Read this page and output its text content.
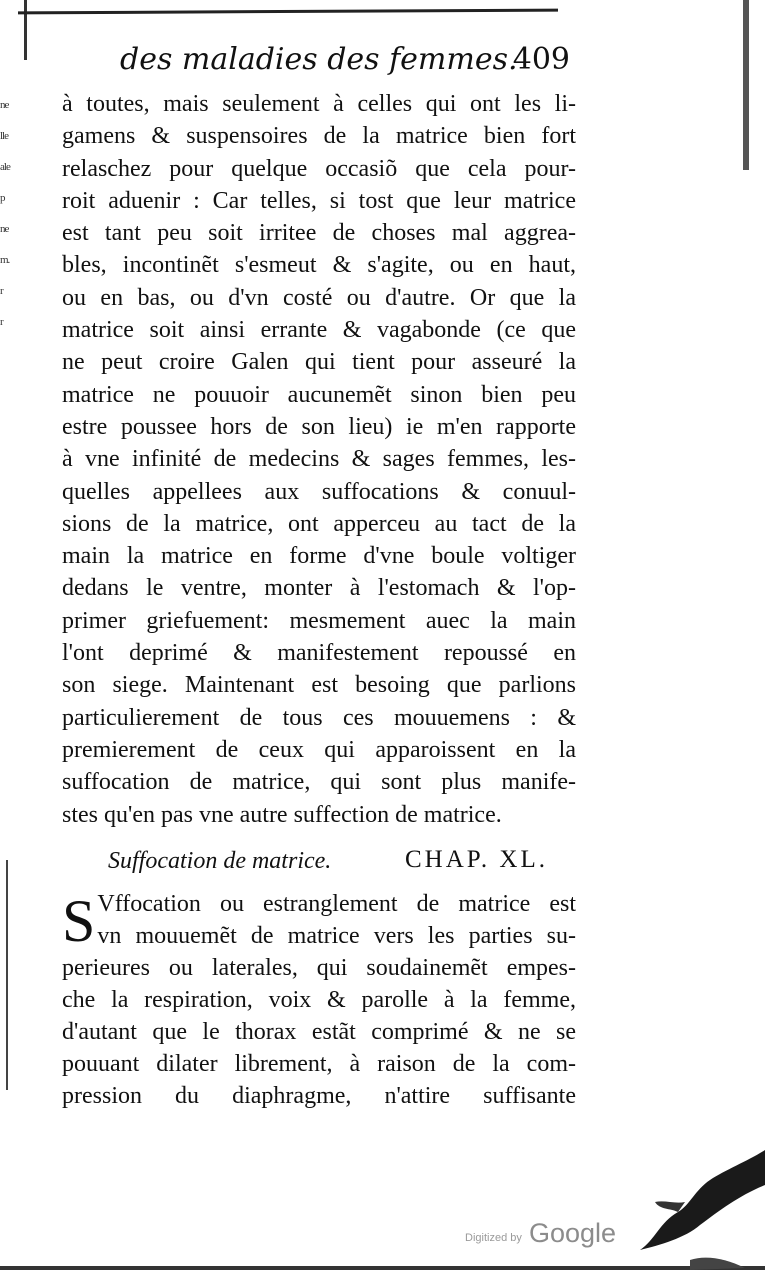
ne
lle
ale
p
ne
m.
r
r
des maladies des femmes.
409
à toutes, mais seulement à celles qui ont les li-
gamens & suspensoires de la matrice bien fort
relaschez pour quelque occasiõ que cela pour-
roit aduenir : Car telles, si tost que leur matrice
est tant peu soit irritee de choses mal aggrea-
bles, incontinẽt s'esmeut & s'agite, ou en haut,
ou en bas, ou d'vn costé ou d'autre. Or que la
matrice soit ainsi errante & vagabonde (ce que
ne peut croire Galen qui tient pour asseuré la
matrice ne pouuoir aucunemẽt sinon bien peu
estre poussee hors de son lieu) ie m'en rapporte
à vne infinité de medecins & sages femmes, les-
quelles appellees aux suffocations & conuul-
sions de la matrice, ont apperceu au tact de la
main la matrice en forme d'vne boule voltiger
dedans le ventre, monter à l'estomach & l'op-
primer griefuement: mesmement auec la main
l'ont deprimé & manifestement repoussé en
son siege. Maintenant est besoing que parlions
particulierement de tous ces mouuemens : &
premierement de ceux qui apparoissent en la
suffocation de matrice, qui sont plus manife-
stes qu'en pas vne autre suffection de matrice.
Suffocation de matrice.	CHAP. XL.
S Vffocation ou estranglement de matrice est
vn mouuemẽt de matrice vers les parties su-
perieures ou laterales, qui soudainemẽt empes-
che la respiration, voix & parolle à la femme,
d'autant que le thorax estãt comprimé & ne se
pouuant dilater librement, à raison de la com-
pression du diaphragme, n'attire suffisante
Digitized by Google
